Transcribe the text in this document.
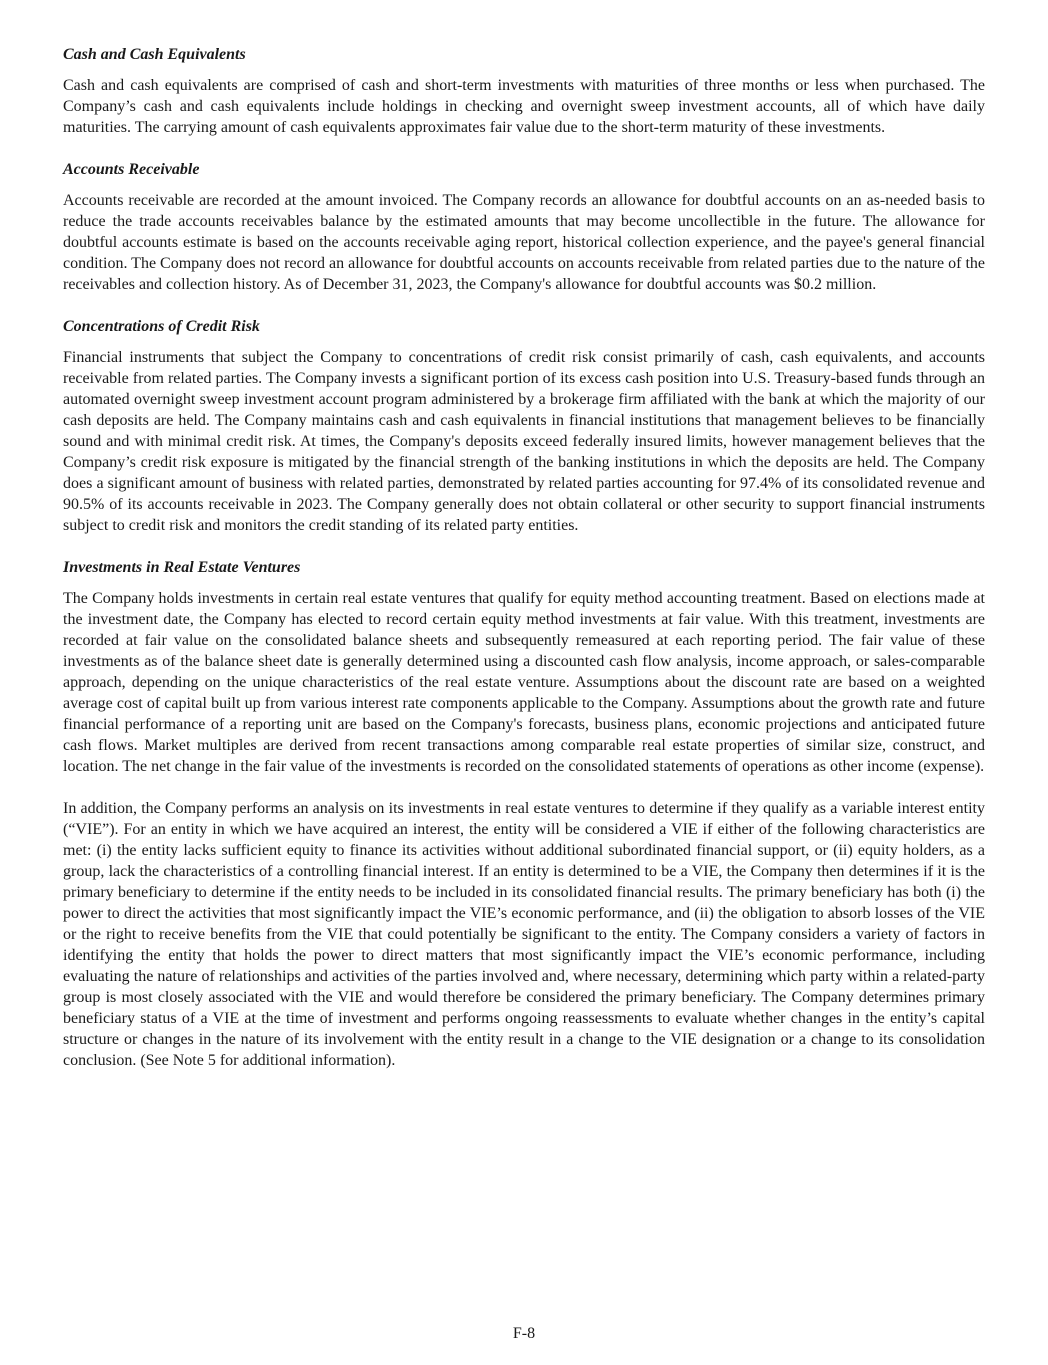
Cash and Cash Equivalents

Cash and cash equivalents are comprised of cash and short-term investments with maturities of three months or less when purchased. The Company’s cash and cash equivalents include holdings in checking and overnight sweep investment accounts, all of which have daily maturities. The carrying amount of cash equivalents approximates fair value due to the short-term maturity of these investments.

Accounts Receivable

Accounts receivable are recorded at the amount invoiced. The Company records an allowance for doubtful accounts on an as-needed basis to reduce the trade accounts receivables balance by the estimated amounts that may become uncollectible in the future. The allowance for doubtful accounts estimate is based on the accounts receivable aging report, historical collection experience, and the payee's general financial condition. The Company does not record an allowance for doubtful accounts on accounts receivable from related parties due to the nature of the receivables and collection history. As of December 31, 2023, the Company's allowance for doubtful accounts was $0.2 million.

Concentrations of Credit Risk

Financial instruments that subject the Company to concentrations of credit risk consist primarily of cash, cash equivalents, and accounts receivable from related parties. The Company invests a significant portion of its excess cash position into U.S. Treasury-based funds through an automated overnight sweep investment account program administered by a brokerage firm affiliated with the bank at which the majority of our cash deposits are held. The Company maintains cash and cash equivalents in financial institutions that management believes to be financially sound and with minimal credit risk. At times, the Company's deposits exceed federally insured limits, however management believes that the Company’s credit risk exposure is mitigated by the financial strength of the banking institutions in which the deposits are held. The Company does a significant amount of business with related parties, demonstrated by related parties accounting for 97.4% of its consolidated revenue and 90.5% of its accounts receivable in 2023. The Company generally does not obtain collateral or other security to support financial instruments subject to credit risk and monitors the credit standing of its related party entities.

Investments in Real Estate Ventures

The Company holds investments in certain real estate ventures that qualify for equity method accounting treatment. Based on elections made at the investment date, the Company has elected to record certain equity method investments at fair value. With this treatment, investments are recorded at fair value on the consolidated balance sheets and subsequently remeasured at each reporting period. The fair value of these investments as of the balance sheet date is generally determined using a discounted cash flow analysis, income approach, or sales-comparable approach, depending on the unique characteristics of the real estate venture. Assumptions about the discount rate are based on a weighted average cost of capital built up from various interest rate components applicable to the Company. Assumptions about the growth rate and future financial performance of a reporting unit are based on the Company's forecasts, business plans, economic projections and anticipated future cash flows. Market multiples are derived from recent transactions among comparable real estate properties of similar size, construct, and location. The net change in the fair value of the investments is recorded on the consolidated statements of operations as other income (expense).

In addition, the Company performs an analysis on its investments in real estate ventures to determine if they qualify as a variable interest entity (“VIE”). For an entity in which we have acquired an interest, the entity will be considered a VIE if either of the following characteristics are met: (i) the entity lacks sufficient equity to finance its activities without additional subordinated financial support, or (ii) equity holders, as a group, lack the characteristics of a controlling financial interest. If an entity is determined to be a VIE, the Company then determines if it is the primary beneficiary to determine if the entity needs to be included in its consolidated financial results. The primary beneficiary has both (i) the power to direct the activities that most significantly impact the VIE’s economic performance, and (ii) the obligation to absorb losses of the VIE or the right to receive benefits from the VIE that could potentially be significant to the entity. The Company considers a variety of factors in identifying the entity that holds the power to direct matters that most significantly impact the VIE’s economic performance, including evaluating the nature of relationships and activities of the parties involved and, where necessary, determining which party within a related-party group is most closely associated with the VIE and would therefore be considered the primary beneficiary. The Company determines primary beneficiary status of a VIE at the time of investment and performs ongoing reassessments to evaluate whether changes in the entity’s capital structure or changes in the nature of its involvement with the entity result in a change to the VIE designation or a change to its consolidation conclusion. (See Note 5 for additional information).

F-8
